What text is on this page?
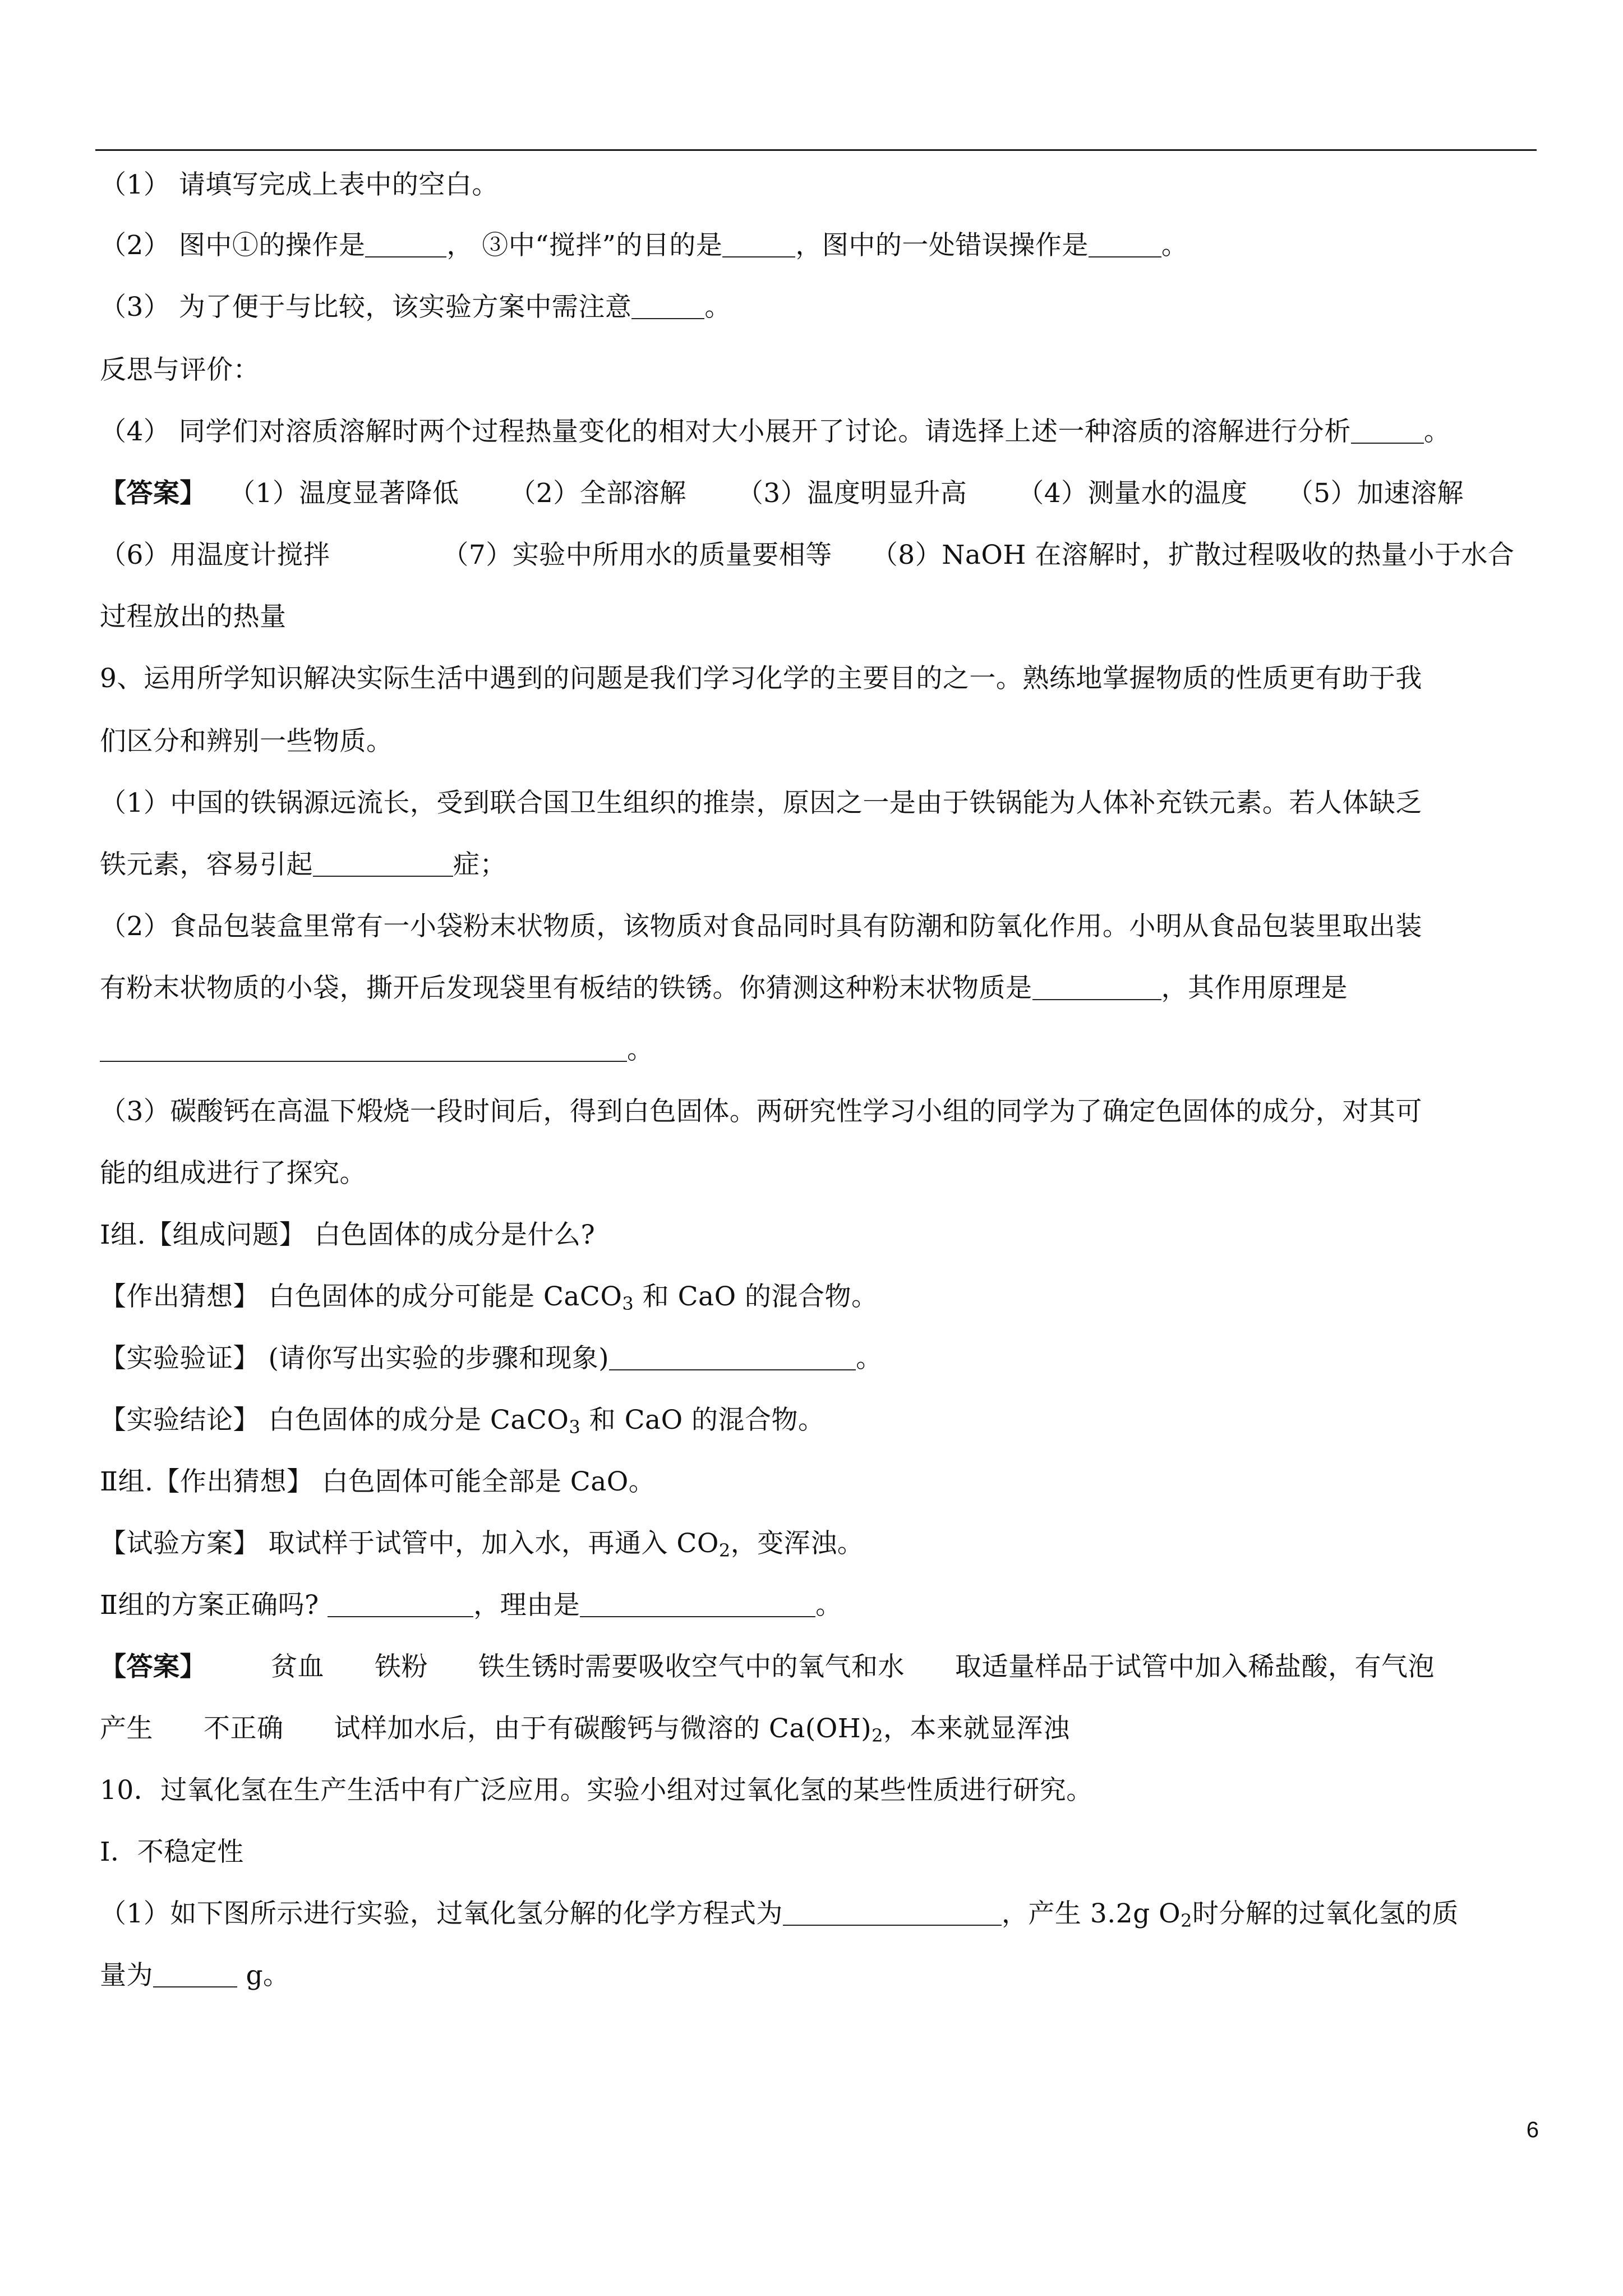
（1） 请填写完成上表中的空白。
（2） 图中①的操作是	， ③中“搅拌”的目的是	，图中的一处错误操作是	。
（3） 为了便于与比较，该实验方案中需注意	。
反思与评价：
（4） 同学们对溶质溶解时两个过程热量变化的相对大小展开了讨论。请选择上述一种溶质的溶解进行分析	。
【答案】 （1）温度显著降低 （2）全部溶解 （3）温度明显升高 （4）测量水的温度 （5）加速溶解
（6）用温度计搅拌	（7）实验中所用水的质量要相等 （8）NaOH 在溶解时，扩散过程吸收的热量小于水合
过程放出的热量
9、运用所学知识解决实际生活中遇到的问题是我们学习化学的主要目的之一。熟练地掌握物质的性质更有助于我
们区分和辨别一些物质。
（1）中国的铁锅源远流长，受到联合国卫生组织的推崇，原因之一是由于铁锅能为人体补充铁元素。若人体缺乏
铁元素，容易引起	症；
（2）食品包装盒里常有一小袋粉末状物质，该物质对食品同时具有防潮和防氧化作用。小明从食品包装里取出装
有粉末状物质的小袋，撕开后发现袋里有板结的铁锈。你猜测这种粉末状物质是	，其作用原理是
。
（3）碳酸钙在高温下煅烧一段时间后，得到白色固体。两研究性学习小组的同学为了确定色固体的成分，对其可
能的组成进行了探究。
Ⅰ组.【组成问题】 白色固体的成分是什么?
【作出猜想】 白色固体的成分可能是 CaCO$_3$ 和 CaO 的混合物。
【实验验证】 (请你写出实验的步骤和现象)	。
【实验结论】 白色固体的成分是 CaCO$_3$ 和 CaO 的混合物。
Ⅱ组.【作出猜想】 白色固体可能全部是 CaO。
【试验方案】 取试样于试管中，加入水，再通入 $CO_2$，变浑浊。
Ⅱ组的方案正确吗?	，理由是	。
【答案】 贫血 铁粉 铁生锈时需要吸收空气中的氧气和水 取适量样品于试管中加入稀盐酸，有气泡
产生 不正确 试样加水后，由于有碳酸钙与微溶的 $Ca(OH)_2$，本来就显浑浊
10．过氧化氢在生产生活中有广泛应用。实验小组对过氧化氢的某些性质进行研究。
I．不稳定性
（1）如下图所示进行实验，过氧化氢分解的化学方程式为	，产生 3.2g $O_2$时分解的过氧化氢的质
量为	g。
6
